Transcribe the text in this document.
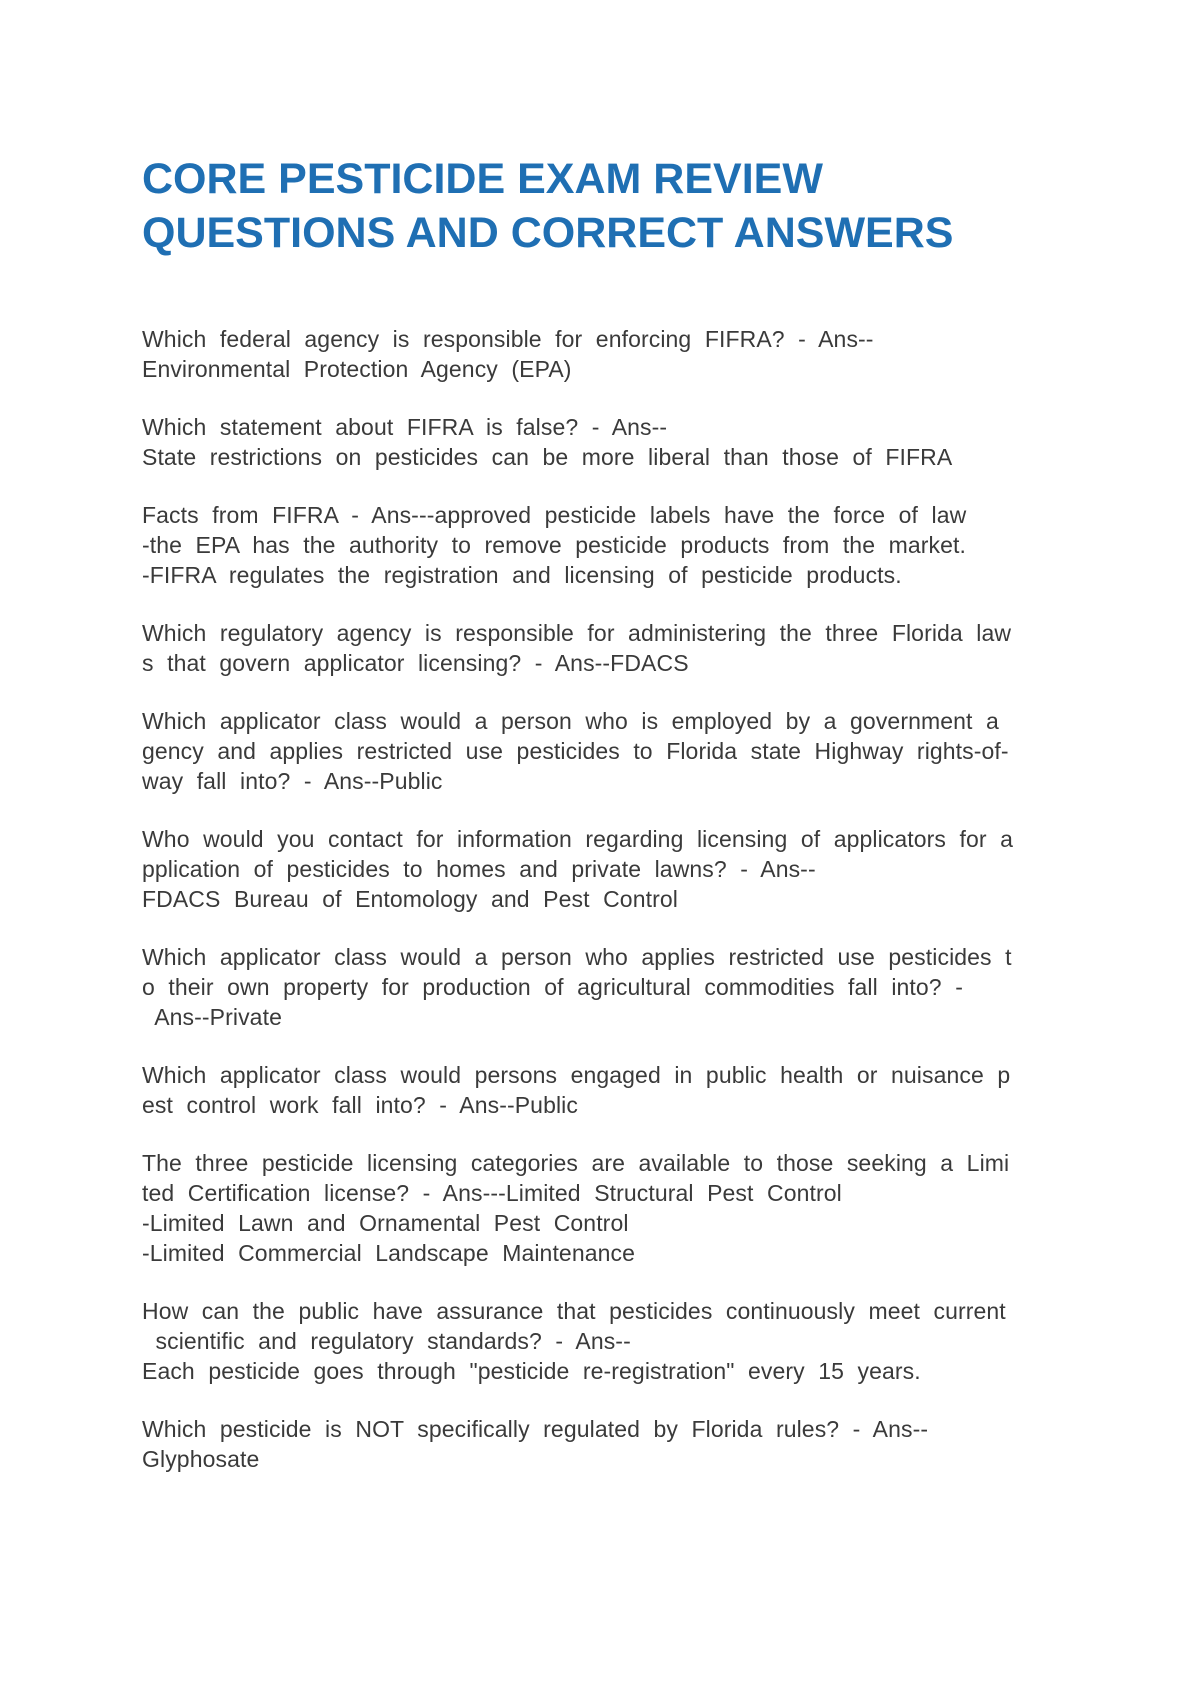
CORE PESTICIDE EXAM REVIEW
QUESTIONS AND CORRECT ANSWERS
Which federal agency is responsible for enforcing FIFRA? - Ans--
Environmental Protection Agency (EPA)
Which statement about FIFRA is false? - Ans--
State restrictions on pesticides can be more liberal than those of FIFRA
Facts from FIFRA - Ans---approved pesticide labels have the force of law
-the EPA has the authority to remove pesticide products from the market.
-FIFRA regulates the registration and licensing of pesticide products.
Which regulatory agency is responsible for administering the three Florida law
s that govern applicator licensing? - Ans--FDACS
Which applicator class would a person who is employed by a government a
gency and applies restricted use pesticides to Florida state Highway rights-of-
way fall into? - Ans--Public
Who would you contact for information regarding licensing of applicators for a
pplication of pesticides to homes and private lawns? - Ans--
FDACS Bureau of Entomology and Pest Control
Which applicator class would a person who applies restricted use pesticides t
o their own property for production of agricultural commodities fall into? -
Ans--Private
Which applicator class would persons engaged in public health or nuisance p
est control work fall into? - Ans--Public
The three pesticide licensing categories are available to those seeking a Limi
ted Certification license? - Ans---Limited Structural Pest Control
-Limited Lawn and Ornamental Pest Control
-Limited Commercial Landscape Maintenance
How can the public have assurance that pesticides continuously meet current
scientific and regulatory standards? - Ans--
Each pesticide goes through "pesticide re-registration" every 15 years.
Which pesticide is NOT specifically regulated by Florida rules? - Ans--
Glyphosate
